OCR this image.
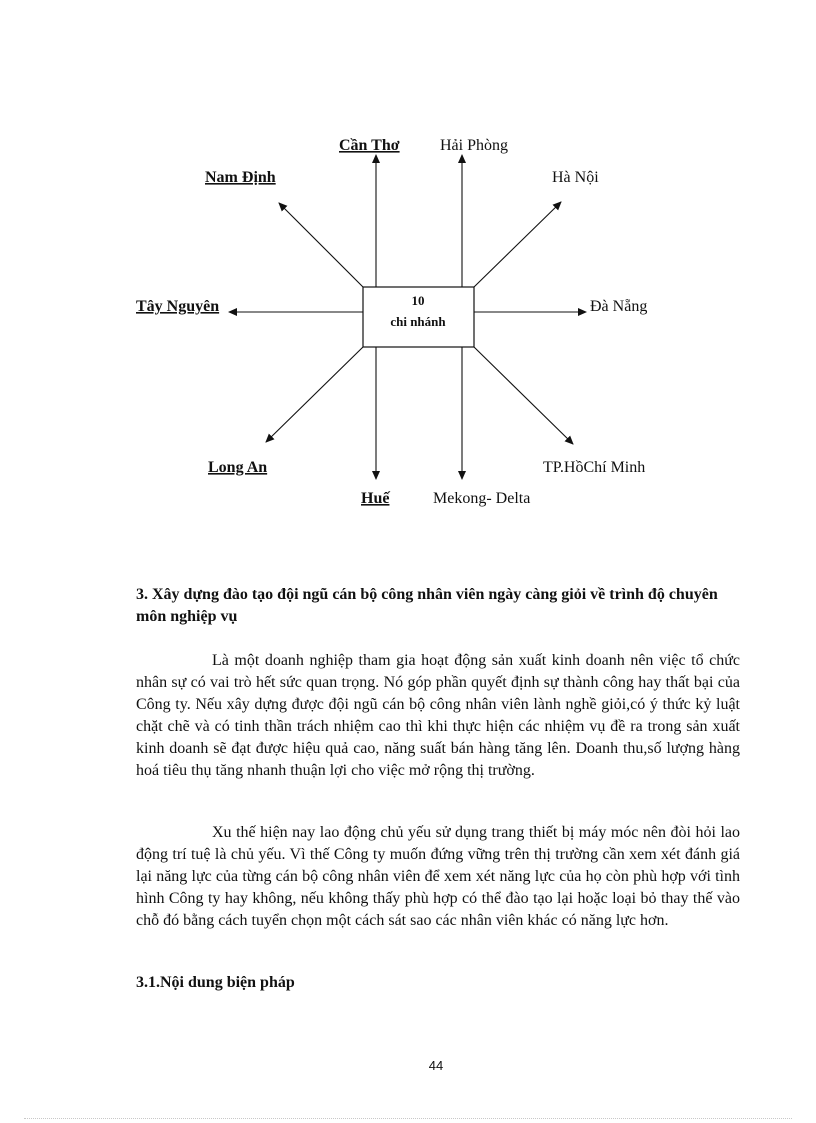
10
chi nhánh
Cần Thơ	Hải Phòng
Nam Định	Hà Nội
Tây Nguyên	Đà Nẵng
Long An	TP.HồChí Minh
Huế	Mekong- Delta

3. Xây dựng đào tạo đội ngũ cán bộ công nhân viên ngày càng giỏi về trình độ chuyên môn nghiệp vụ

Là một doanh nghiệp tham gia hoạt động sản xuất kinh doanh nên việc tổ chức nhân sự có vai trò hết sức quan trọng. Nó góp phần quyết định sự thành công hay thất bại của Công ty. Nếu xây dựng được đội ngũ cán bộ công nhân viên lành nghề giỏi,có ý thức kỷ luật chặt chẽ và có tinh thần trách nhiệm cao thì khi thực hiện các nhiệm vụ đề ra trong sản xuất kinh doanh sẽ đạt được hiệu quả cao, năng suất bán hàng tăng lên. Doanh thu,số lượng hàng hoá tiêu thụ tăng nhanh thuận lợi cho việc mở rộng thị trường.

Xu thế hiện nay lao động chủ yếu sử dụng trang thiết bị máy móc nên đòi hỏi lao động trí tuệ là chủ yếu. Vì thế Công ty muốn đứng vững trên thị trường cần xem xét đánh giá lại năng lực của từng cán bộ công nhân viên để xem xét năng lực của họ còn phù hợp với tình hình Công ty hay không, nếu không thấy phù hợp có thể đào tạo lại hoặc loại bỏ thay thế vào chỗ đó bằng cách tuyển chọn một cách sát sao các nhân viên khác có năng lực hơn.

3.1.Nội dung biện pháp

44
